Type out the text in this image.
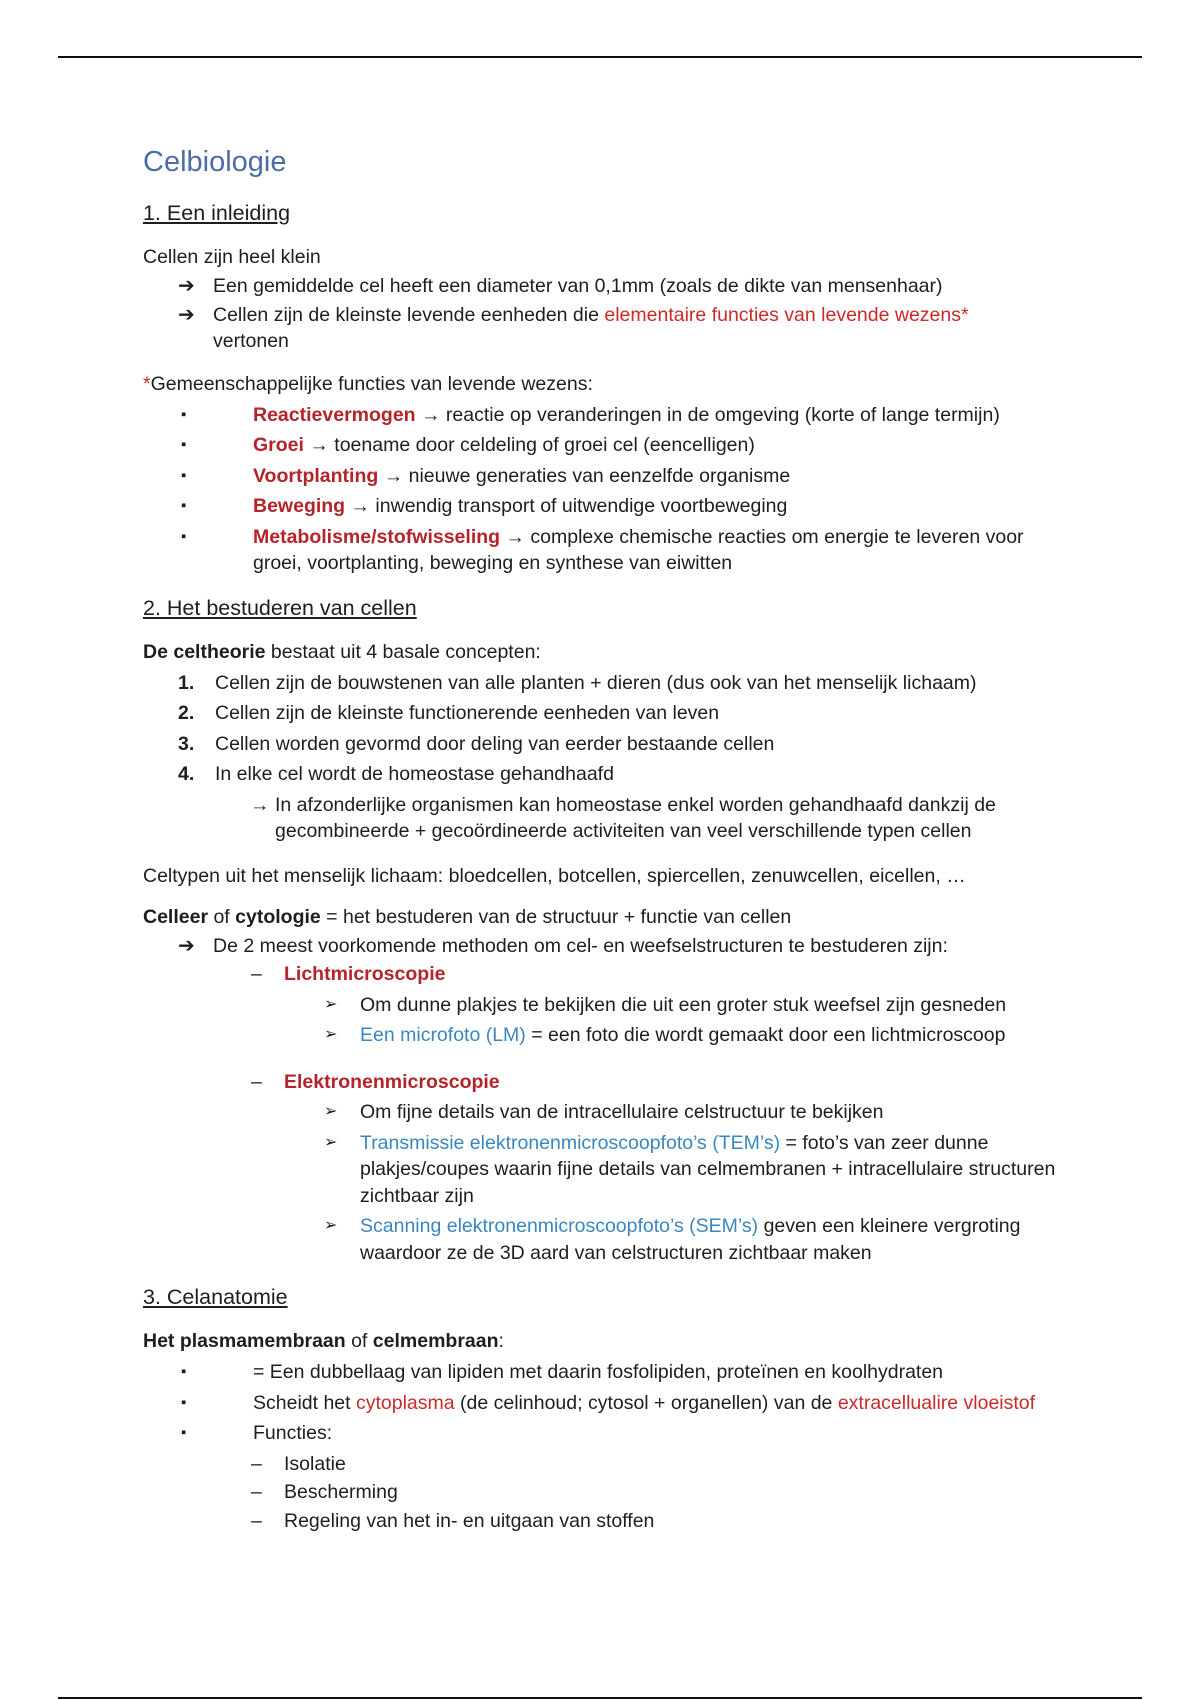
Celbiologie
1. Een inleiding

Cellen zijn heel klein

➔ Een gemiddelde cel heeft een diameter van 0,1mm (zoals de dikte van mensenhaar)
➔ Cellen zijn de kleinste levende eenheden die elementaire functies van levende wezens*
vertonen

*Gemeenschappelijke functies van levende wezens:

▪	Reactievermogen → reactie op veranderingen in de omgeving (korte of lange termijn)
▪	Groei → toename door celdeling of groei cel (eencelligen)
▪	Voortplanting → nieuwe generaties van eenzelfde organisme
▪	Beweging → inwendig transport of uitwendige voortbeweging
▪	Metabolisme/stofwisseling → complexe chemische reacties om energie te leveren voor groei, voortplanting, beweging en synthese van eiwitten
2. Het bestuderen van cellen

De celtheorie bestaat uit 4 basale concepten:

1.	Cellen zijn de bouwstenen van alle planten + dieren (dus ook van het menselijk lichaam)
2.	Cellen zijn de kleinste functionerende eenheden van leven
3.	Cellen worden gevormd door deling van eerder bestaande cellen
4.	In elke cel wordt de homeostase gehandhaafd
→ In afzonderlijke organismen kan homeostase enkel worden gehandhaafd dankzij de gecombineerde + gecoördineerde activiteiten van veel verschillende typen cellen

Celtypen uit het menselijk lichaam: bloedcellen, botcellen, spiercellen, zenuwcellen, eicellen, …

Celleer of cytologie = het bestuderen van de structuur + functie van cellen

➔ De 2 meest voorkomende methoden om cel- en weefselstructuren te bestuderen zijn:
–	Lichtmicroscopie
➢	Om dunne plakjes te bekijken die uit een groter stuk weefsel zijn gesneden
➢	Een microfoto (LM) = een foto die wordt gemaakt door een lichtmicroscoop
–	Elektronenmicroscopie
➢	Om fijne details van de intracellulaire celstructuur te bekijken
➢	Transmissie elektronenmicroscoopfoto’s (TEM’s) = foto’s van zeer dunne plakjes/coupes waarin fijne details van celmembranen + intracellulaire structuren zichtbaar zijn
➢	Scanning elektronenmicroscoopfoto’s (SEM’s) geven een kleinere vergroting waardoor ze de 3D aard van celstructuren zichtbaar maken
3. Celanatomie

Het plasmamembraan of celmembraan:

▪	= Een dubbellaag van lipiden met daarin fosfolipiden, proteïnen en koolhydraten
▪	Scheidt het cytoplasma (de celinhoud; cytosol + organellen) van de extracellualire vloeistof
▪	Functies:
–	Isolatie
–	Bescherming
–	Regeling van het in- en uitgaan van stoffen
